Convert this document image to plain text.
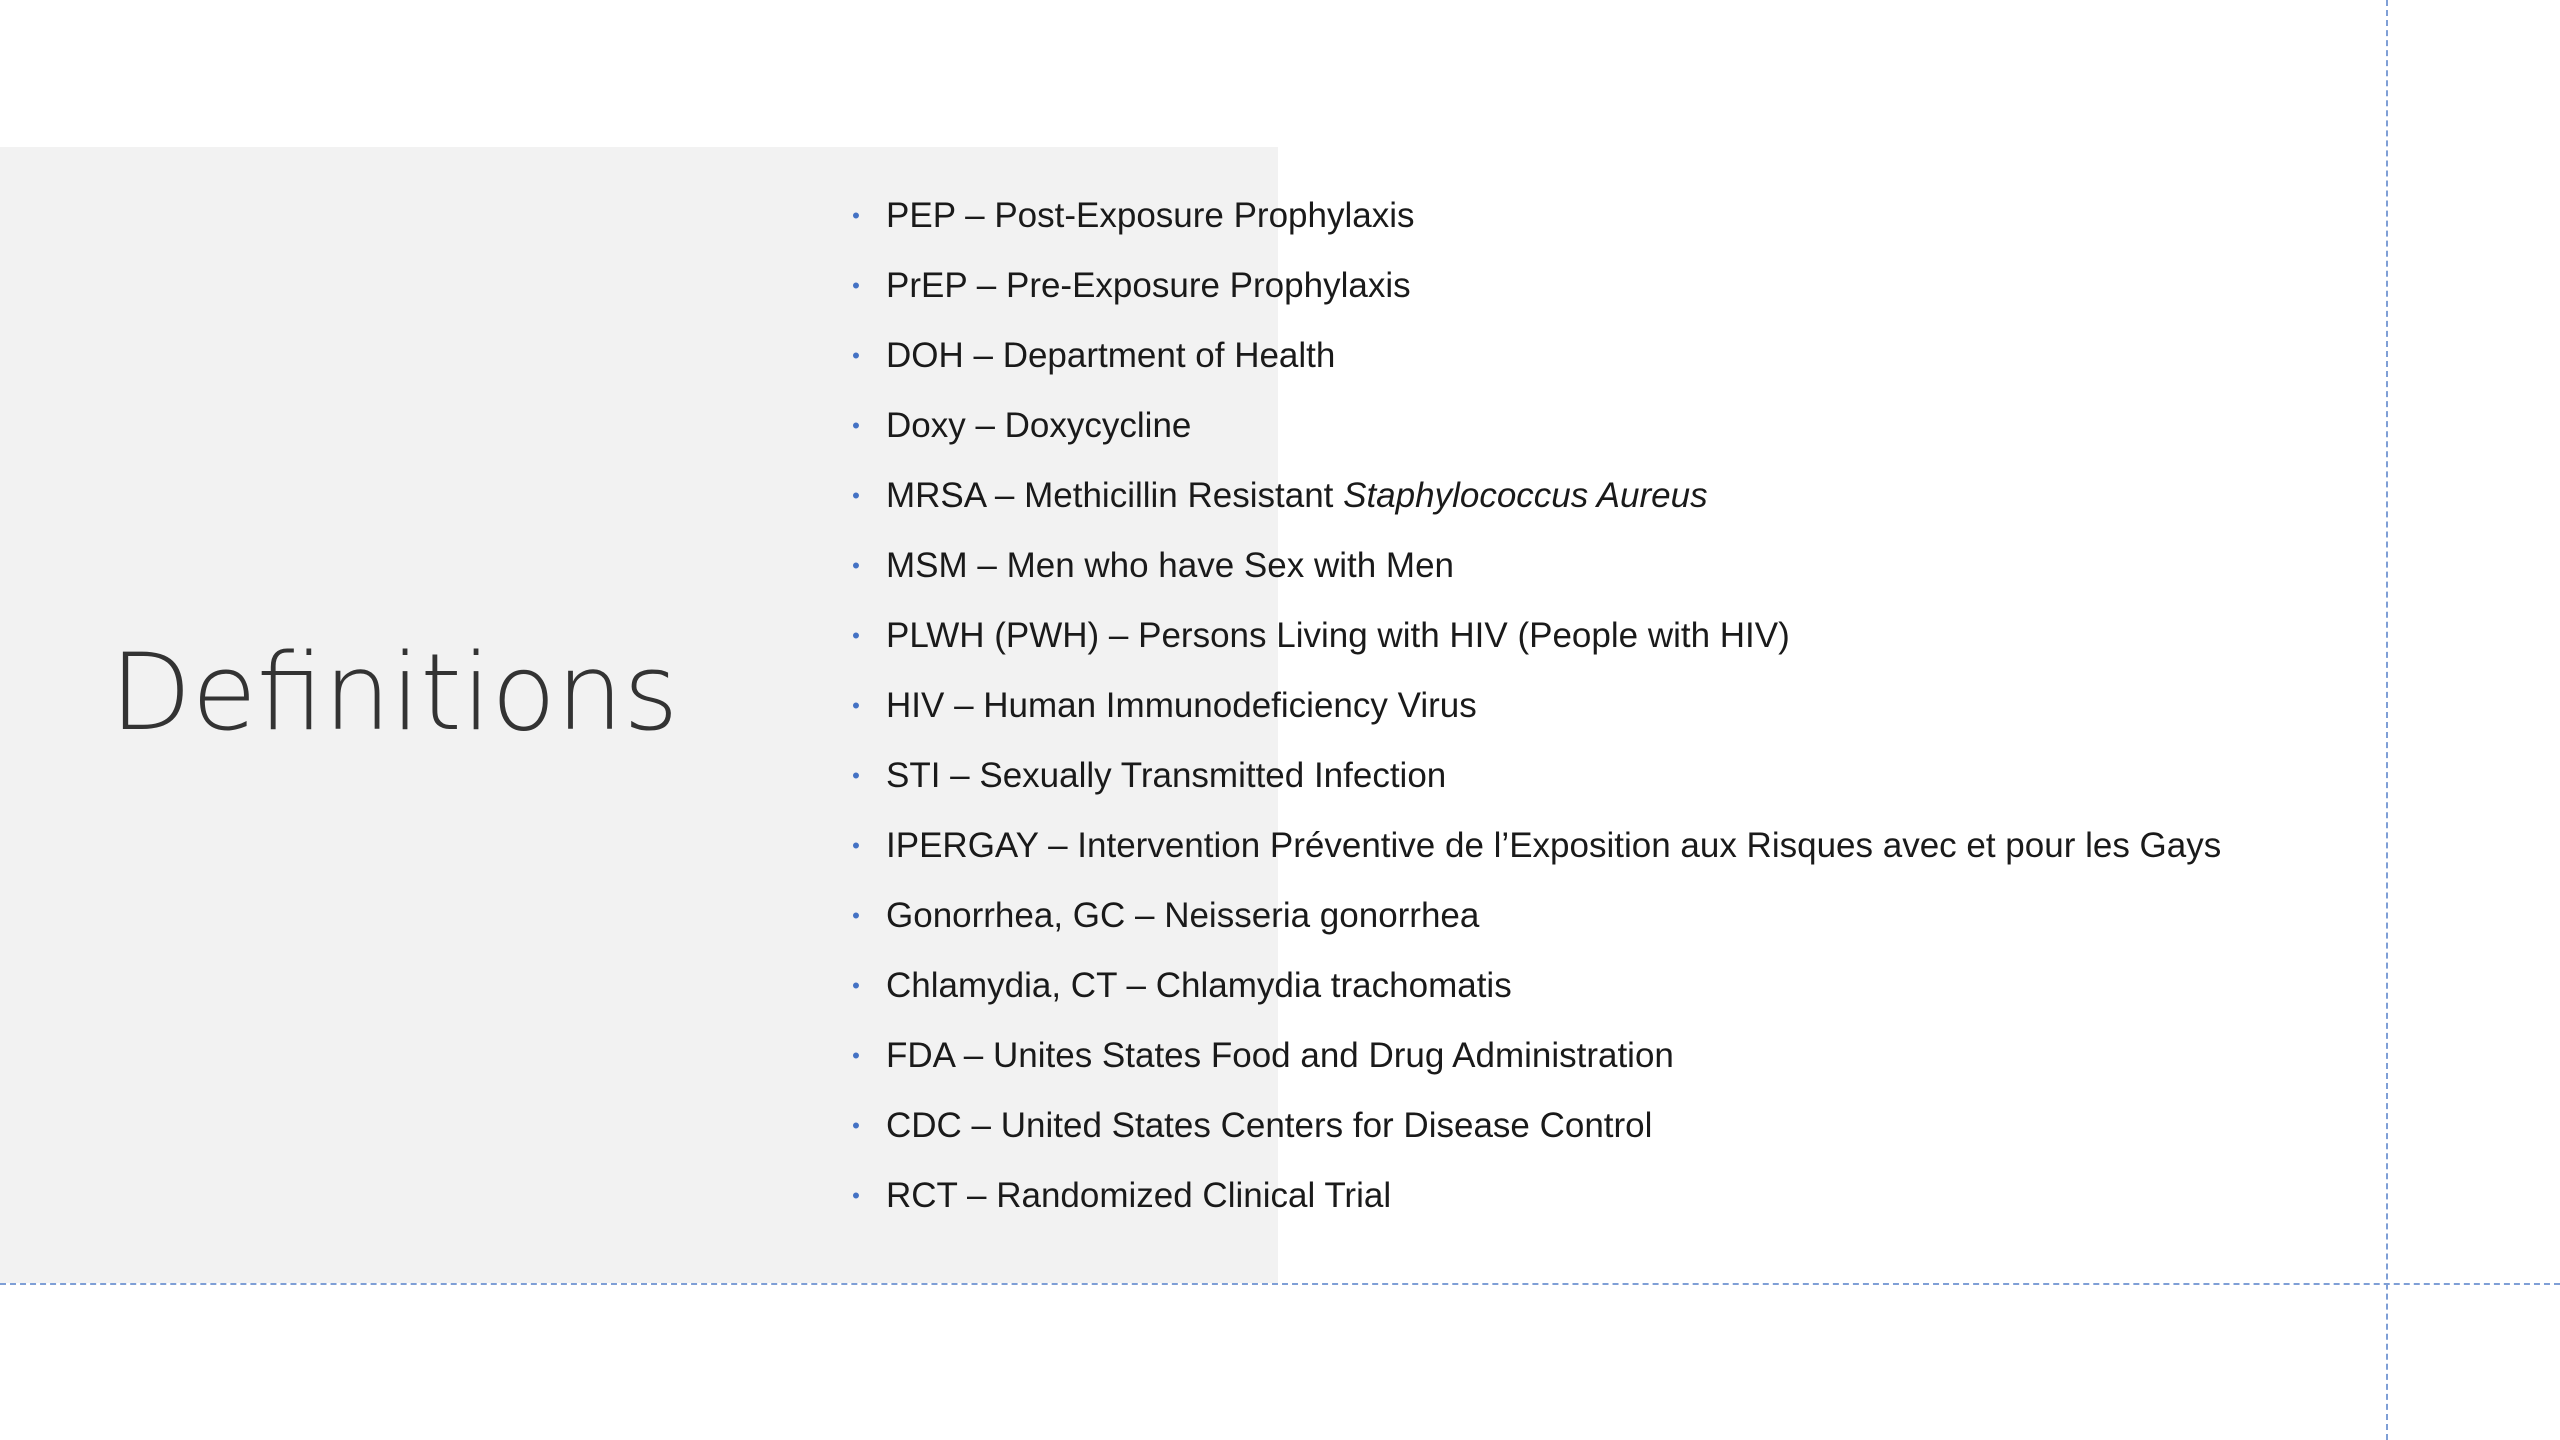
Definitions
• PEP – Post-Exposure Prophylaxis
• PrEP – Pre-Exposure Prophylaxis
• DOH – Department of Health
• Doxy – Doxycycline
• MRSA – Methicillin Resistant Staphylococcus Aureus
• MSM – Men who have Sex with Men
• PLWH (PWH) – Persons Living with HIV (People with HIV)
• HIV – Human Immunodeficiency Virus
• STI – Sexually Transmitted Infection
• IPERGAY – Intervention Préventive de l’Exposition aux Risques avec et pour les Gays
• Gonorrhea, GC – Neisseria gonorrhea
• Chlamydia, CT – Chlamydia trachomatis
• FDA – Unites States Food and Drug Administration
• CDC – United States Centers for Disease Control
• RCT – Randomized Clinical Trial
